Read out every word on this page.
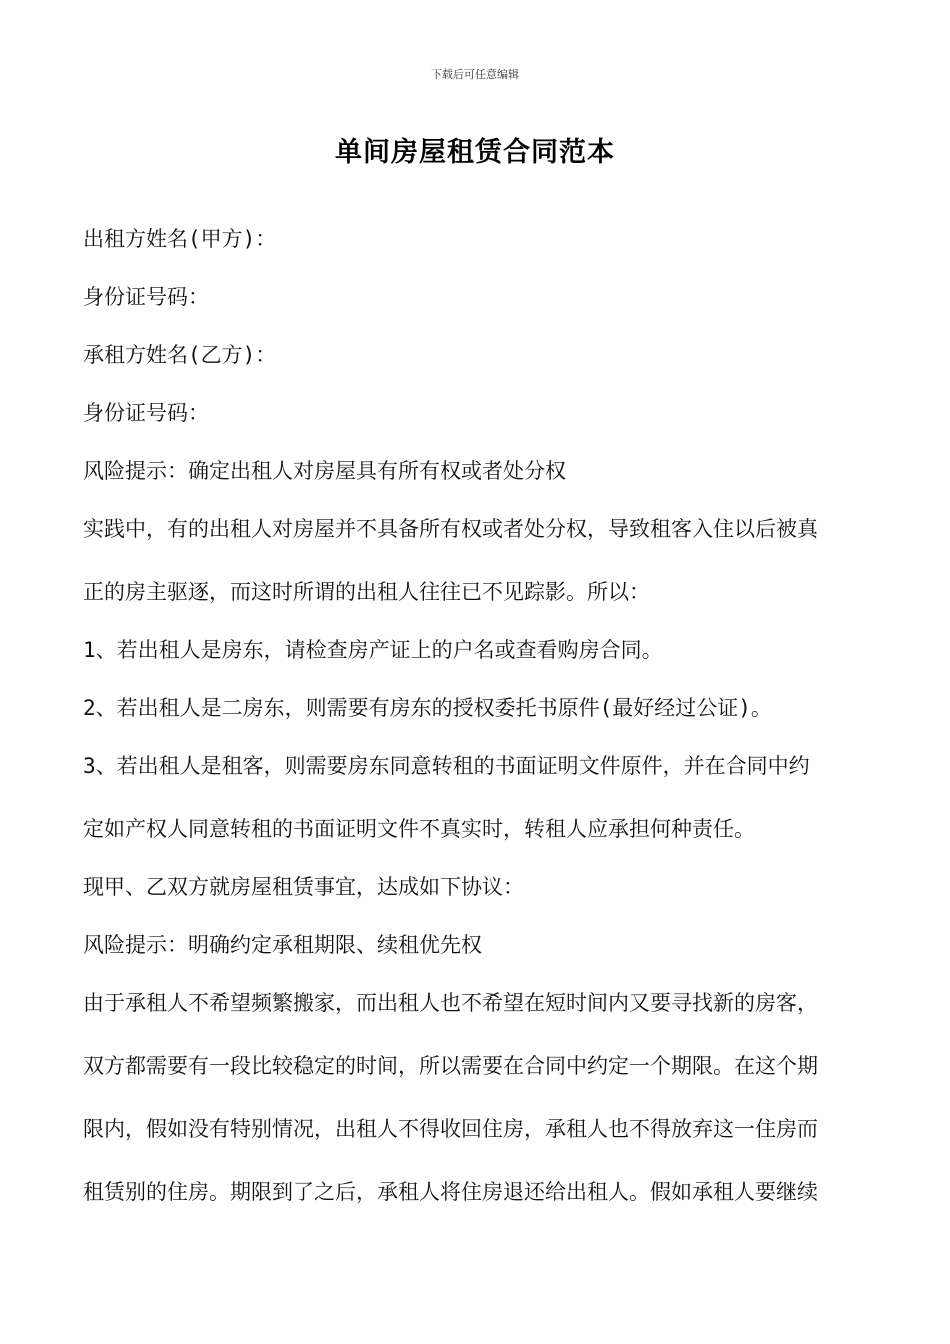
下载后可任意编辑
单间房屋租赁合同范本
出租方姓名(甲方)：
身份证号码：
承租方姓名(乙方)：
身份证号码：
风险提示：确定出租人对房屋具有所有权或者处分权
实践中，有的出租人对房屋并不具备所有权或者处分权，导致租客入住以后被真
正的房主驱逐，而这时所谓的出租人往往已不见踪影。所以：
1、若出租人是房东，请检查房产证上的户名或查看购房合同。
2、若出租人是二房东，则需要有房东的授权委托书原件(最好经过公证)。
3、若出租人是租客，则需要房东同意转租的书面证明文件原件，并在合同中约
定如产权人同意转租的书面证明文件不真实时，转租人应承担何种责任。
现甲、乙双方就房屋租赁事宜，达成如下协议：
风险提示：明确约定承租期限、续租优先权
由于承租人不希望频繁搬家，而出租人也不希望在短时间内又要寻找新的房客，
双方都需要有一段比较稳定的时间，所以需要在合同中约定一个期限。在这个期
限内，假如没有特别情况，出租人不得收回住房，承租人也不得放弃这一住房而
租赁别的住房。期限到了之后，承租人将住房退还给出租人。假如承租人要继续
